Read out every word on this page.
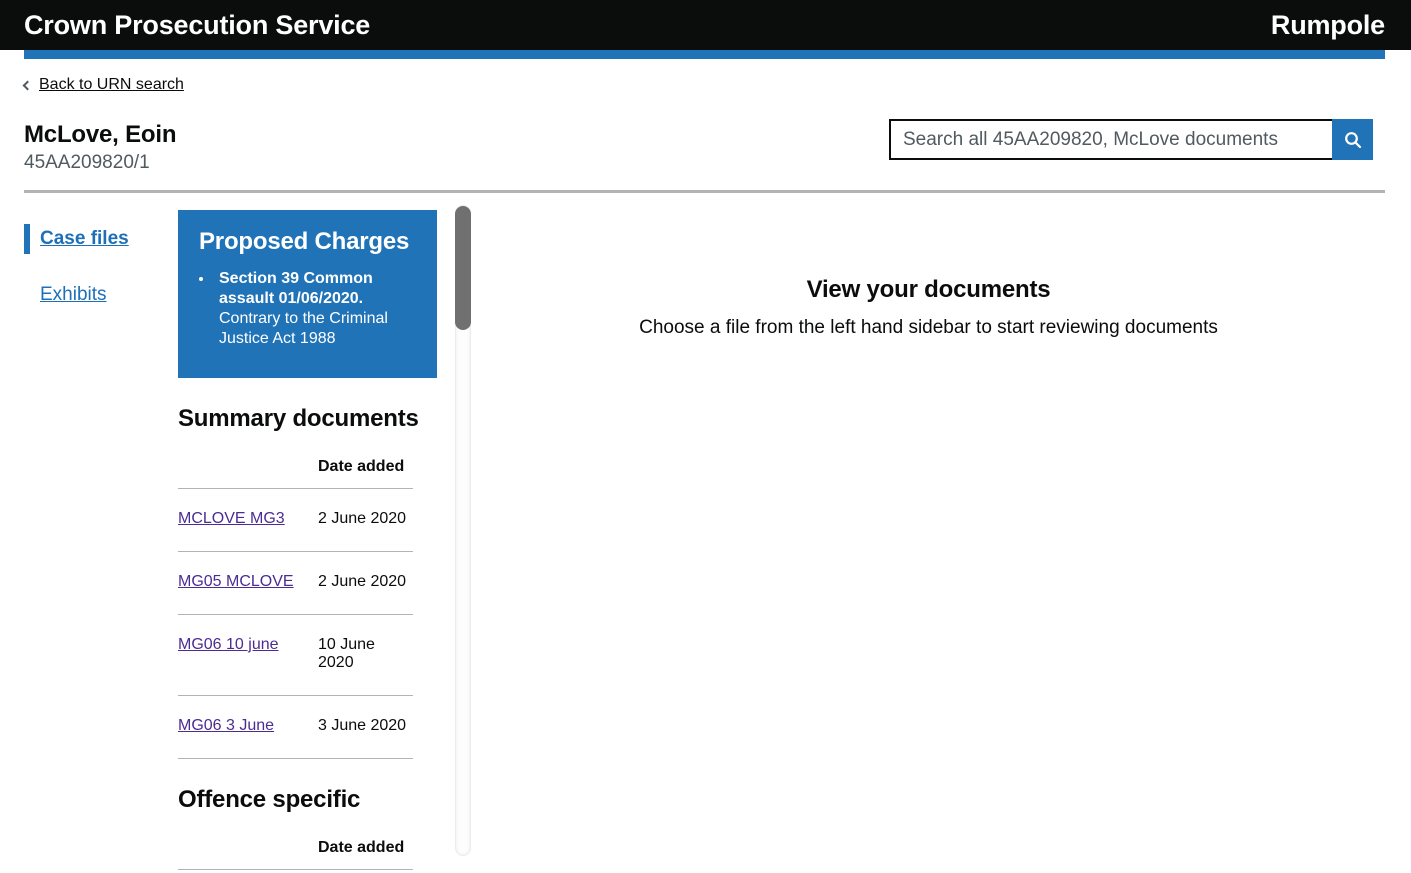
Crown Prosecution Service	Rumpole
Back to URN search
McLove, Eoin
45AA209820/1
Search all 45AA209820, McLove documents
Case files
Exhibits
Proposed Charges
• Section 39 Common assault 01/06/2020.
Contrary to the Criminal Justice Act 1988
Summary documents
	Date added
MCLOVE MG3	2 June 2020
MG05 MCLOVE	2 June 2020
MG06 10 june	10 June 2020
MG06 3 June	3 June 2020
Offence specific
	Date added
View your documents
Choose a file from the left hand sidebar to start reviewing documents
